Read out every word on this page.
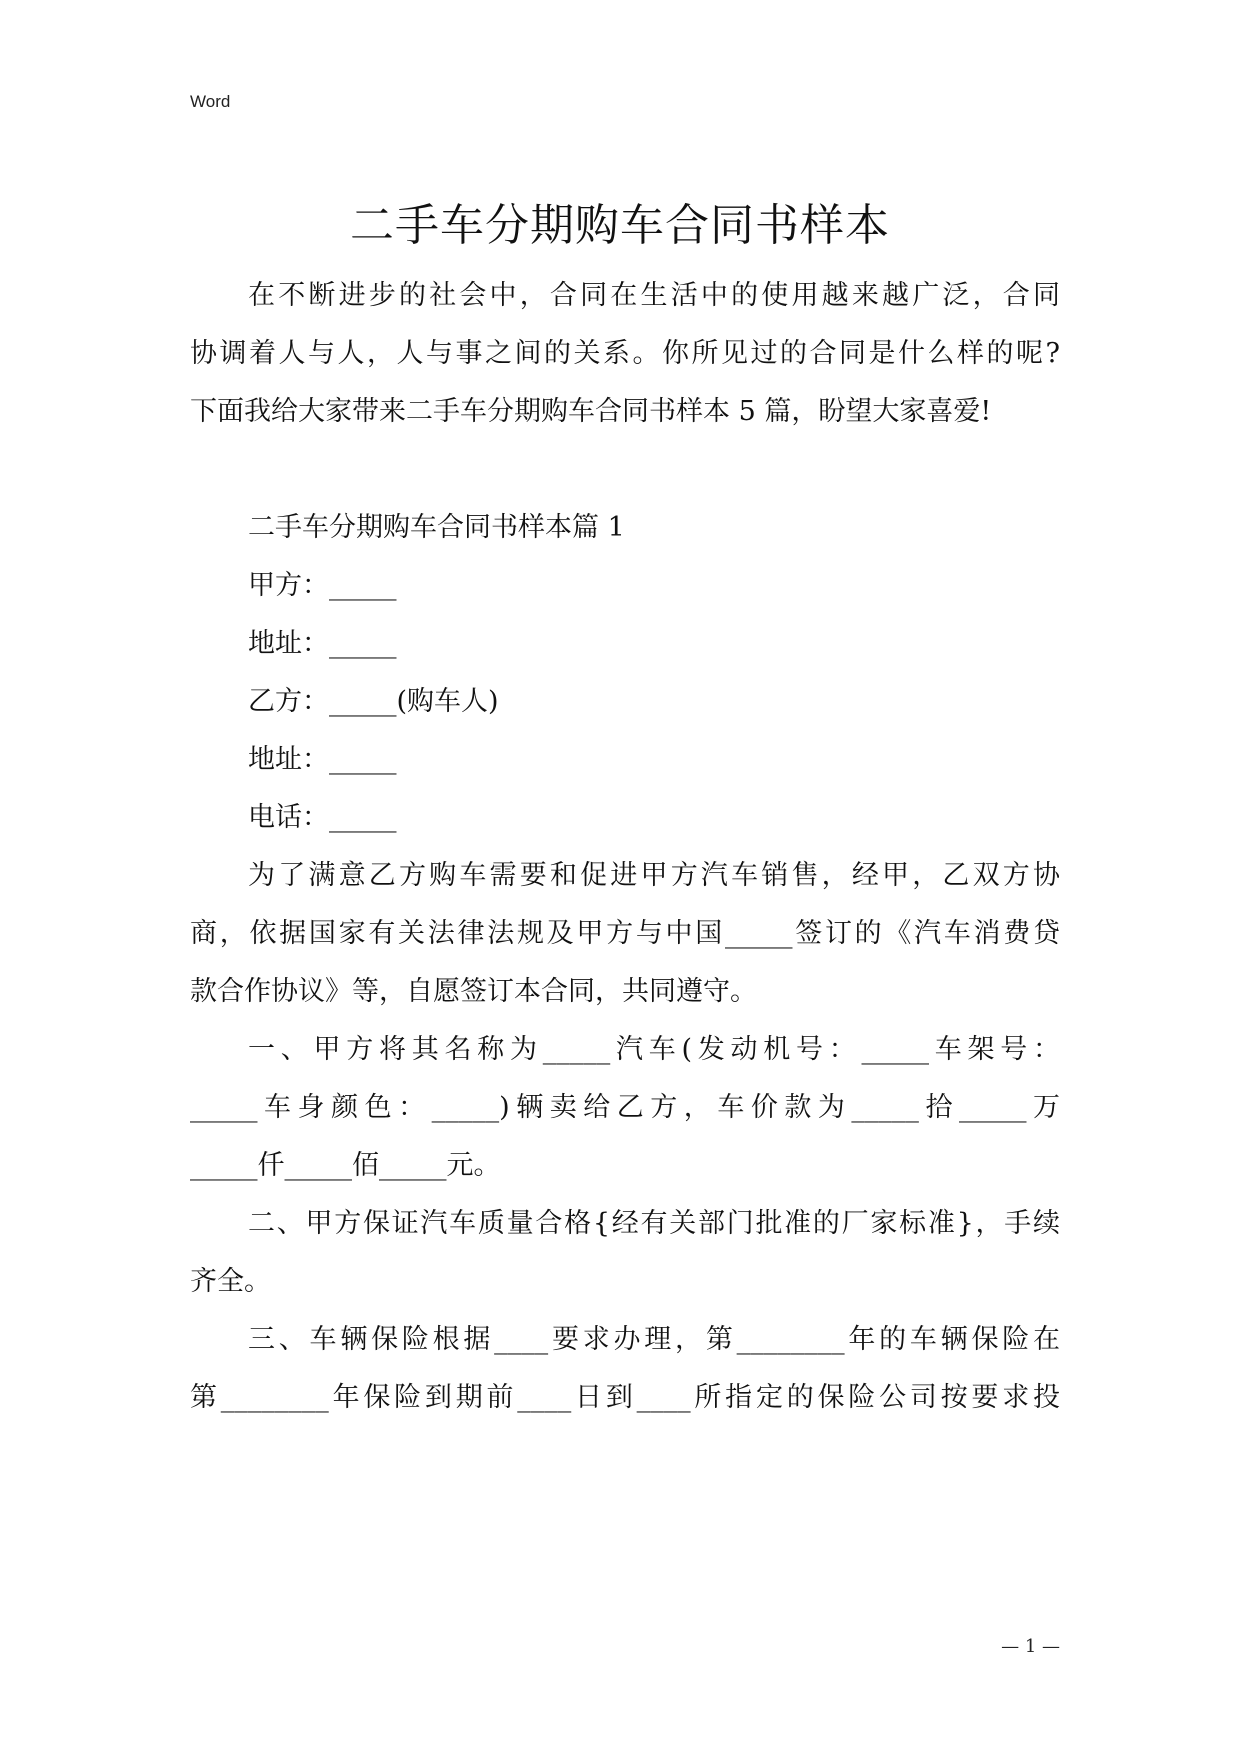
Word
二手车分期购车合同书样本
在不断进步的社会中，合同在生活中的使用越来越广泛，合同
协调着人与人，人与事之间的关系。你所见过的合同是什么样的呢?
下面我给大家带来二手车分期购车合同书样本 5 篇，盼望大家喜爱!
二手车分期购车合同书样本篇 1
甲方：_____
地址：_____
乙方：_____(购车人)
地址：_____
电话：_____
为了满意乙方购车需要和促进甲方汽车销售，经甲，乙双方协
商，依据国家有关法律法规及甲方与中国_____签订的《汽车消费贷
款合作协议》等，自愿签订本合同，共同遵守。
一、甲方将其名称为_____汽车(发动机号：_____车架号：
_____车身颜色：_____)辆卖给乙方，车价款为_____拾_____万
_____仟_____佰_____元。
二、甲方保证汽车质量合格{经有关部门批准的厂家标准}，手续
齐全。
三、车辆保险根据____要求办理，第________年的车辆保险在
第________年保险到期前____日到____所指定的保险公司按要求投
— 1 —
